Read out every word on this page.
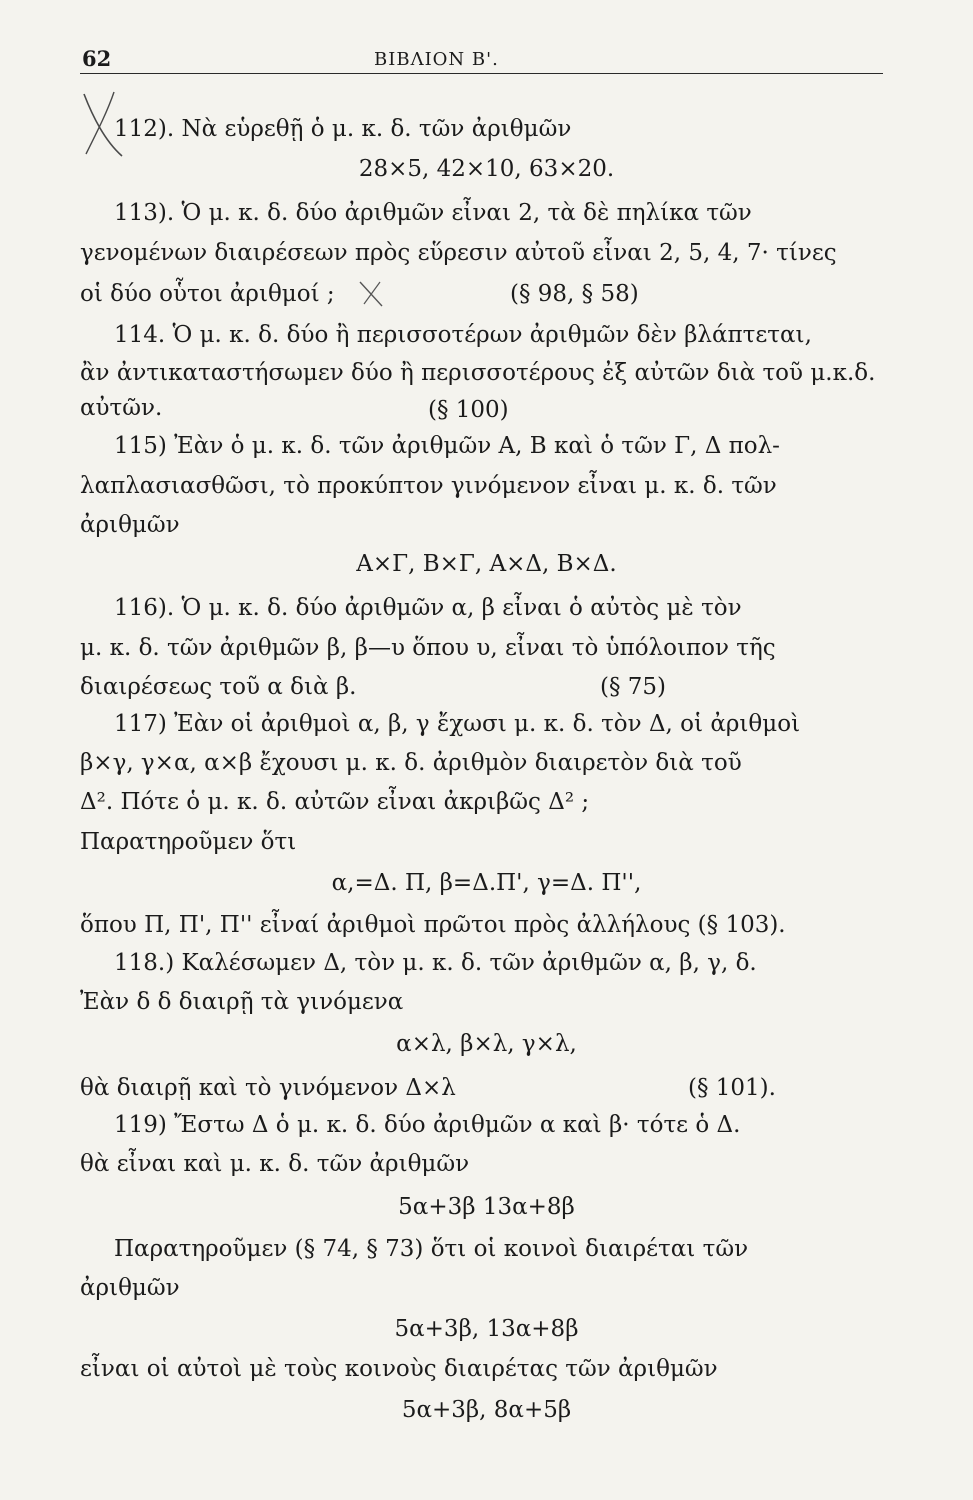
62	ΒΙΒΛΙΟΝ Β'.
112). Νὰ εὑρεθῇ ὁ μ. κ. δ. τῶν ἀριθμῶν
28×5, 42×10, 63×20.
113). Ὁ μ. κ. δ. δύο ἀριθμῶν εἶναι 2, τὰ δὲ πηλίκα τῶν
γενομένων διαιρέσεων πρὸς εὕρεσιν αὐτοῦ εἶναι 2, 5, 4, 7· τίνες
οἱ δύο οὗτοι ἀριθμοί ;	(§ 98, § 58)
114. Ὁ μ. κ. δ. δύο ἢ περισσοτέρων ἀριθμῶν δὲν βλάπτεται,
ἂν ἀντικαταστήσωμεν δύο ἢ περισσοτέρους ἐξ αὐτῶν διὰ τοῦ μ.κ.δ.
αὐτῶν.	(§ 100)
115) Ἐὰν ὁ μ. κ. δ. τῶν ἀριθμῶν Α, Β καὶ ὁ τῶν Γ, Δ πολ-
λαπλασιασθῶσι, τὸ προκύπτον γινόμενον εἶναι μ. κ. δ. τῶν
ἀριθμῶν
Α×Γ, Β×Γ, Α×Δ, Β×Δ.
116). Ὁ μ. κ. δ. δύο ἀριθμῶν α, β εἶναι ὁ αὐτὸς μὲ τὸν
μ. κ. δ. τῶν ἀριθμῶν β, β—υ ὅπου υ, εἶναι τὸ ὑπόλοιπον τῆς
διαιρέσεως τοῦ α διὰ β.	(§ 75)
117) Ἐὰν οἱ ἀριθμοὶ α, β, γ ἔχωσι μ. κ. δ. τὸν Δ, οἱ ἀριθμοὶ
β×γ, γ×α, α×β ἔχουσι μ. κ. δ. ἀριθμὸν διαιρετὸν διὰ τοῦ
Δ². Πότε ὁ μ. κ. δ. αὐτῶν εἶναι ἀκριβῶς Δ² ;
Παρατηροῦμεν ὅτι
α,=Δ. Π, β=Δ.Π', γ=Δ. Π'',
ὅπου Π, Π', Π'' εἶναί ἀριθμοὶ πρῶτοι πρὸς ἀλλήλους (§ 103).
118.) Καλέσωμεν Δ, τὸν μ. κ. δ. τῶν ἀριθμῶν α, β, γ, δ.
Ἐὰν δ δ διαιρῇ τὰ γινόμενα
α×λ, β×λ, γ×λ,
θὰ διαιρῇ καὶ τὸ γινόμενον Δ×λ	(§ 101).
119) Ἔστω Δ ὁ μ. κ. δ. δύο ἀριθμῶν α καὶ β· τότε ὁ Δ.
θὰ εἶναι καὶ μ. κ. δ. τῶν ἀριθμῶν
5α+3β 13α+8β
Παρατηροῦμεν (§ 74, § 73) ὅτι οἱ κοινοὶ διαιρέται τῶν
ἀριθμῶν
5α+3β, 13α+8β
εἶναι οἱ αὐτοὶ μὲ τοὺς κοινοὺς διαιρέτας τῶν ἀριθμῶν
5α+3β, 8α+5β
